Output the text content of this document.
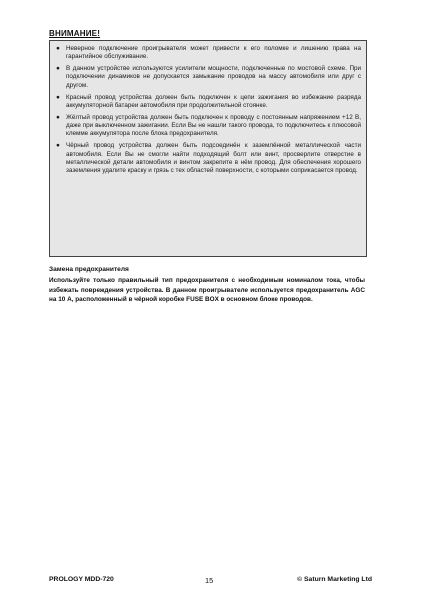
ВНИМАНИЕ!
● Неверное подключение проигрывателя может привести к его поломке и лишению права на гарантийное обслуживание.
● В данном устройстве используются усилители мощности, подключенные по мостовой схеме. При подключении динамиков не допускается замыкание проводов на массу автомобиля или друг с другом.
● Красный провод устройства должен быть подключен к цепи зажигания во избежание разряда аккумуляторной батареи автомобиля при продолжительной стоянке.
● Жёлтый провод устройства должен быть подключен к проводу с постоянным напряжением +12 В, даже при выключенном зажигании. Если Вы не нашли такого провода, то подключитесь к плюсовой клемме аккумулятора после блока предохранителя.
● Чёрный провод устройства должен быть подсоединён к заземлённой металлической части автомобиля. Если Вы не смогли найти подходящий болт или винт, просверлите отверстие в металлической детали автомобиля и винтом закрепите в нём провод. Для обеспечения хорошего заземления удалите краску и грязь с тех областей поверхности, с которыми соприкасается провод.
Замена предохранителя
Используйте только правильный тип предохранителя с необходимым номиналом тока, чтобы избежать повреждения устройства. В данном проигрывателе используется предохранитель AGC на 10 А, расположенный в чёрной коробке FUSE BOX в основном блоке проводов.
PROLOGY MDD-720	15	© Saturn Marketing Ltd
